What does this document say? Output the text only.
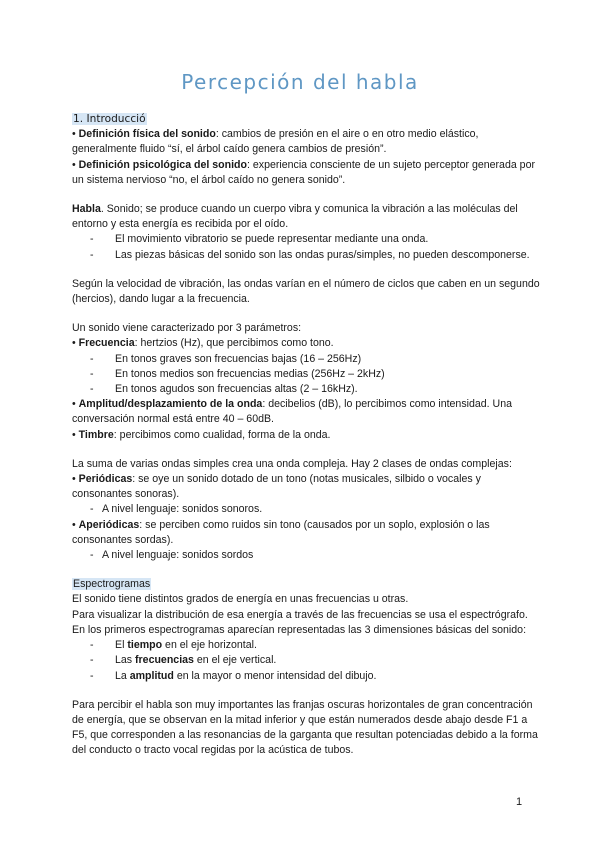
Percepción del habla

1. Introducció

• Definición física del sonido: cambios de presión en el aire o en otro medio elástico, generalmente fluido “sí, el árbol caído genera cambios de presión”.

• Definición psicológica del sonido: experiencia consciente de un sujeto perceptor generada por un sistema nervioso “no, el árbol caído no genera sonido”.

Habla. Sonido; se produce cuando un cuerpo vibra y comunica la vibración a las moléculas del entorno y esta energía es recibida por el oído.

- El movimiento vibratorio se puede representar mediante una onda.

- Las piezas básicas del sonido son las ondas puras/simples, no pueden descomponerse.

Según la velocidad de vibración, las ondas varían en el número de ciclos que caben en un segundo (hercios), dando lugar a la frecuencia.

Un sonido viene caracterizado por 3 parámetros:

• Frecuencia: hertzios (Hz), que percibimos como tono.

- En tonos graves son frecuencias bajas (16 – 256Hz)

- En tonos medios son frecuencias medias (256Hz – 2kHz)

- En tonos agudos son frecuencias altas (2 – 16kHz).

• Amplitud/desplazamiento de la onda: decibelios (dB), lo percibimos como intensidad. Una conversación normal está entre 40 – 60dB.

• Timbre: percibimos como cualidad, forma de la onda.

La suma de varias ondas simples crea una onda compleja. Hay 2 clases de ondas complejas:

• Periódicas: se oye un sonido dotado de un tono (notas musicales, silbido o vocales y consonantes sonoras).

- A nivel lenguaje: sonidos sonoros.

• Aperiódicas: se perciben como ruidos sin tono (causados por un soplo, explosión o las consonantes sordas).

- A nivel lenguaje: sonidos sordos

Espectrogramas

El sonido tiene distintos grados de energía en unas frecuencias u otras.

Para visualizar la distribución de esa energía a través de las frecuencias se usa el espectrógrafo.

En los primeros espectrogramas aparecían representadas las 3 dimensiones básicas del sonido:

- El tiempo en el eje horizontal.

- Las frecuencias en el eje vertical.

- La amplitud en la mayor o menor intensidad del dibujo.

Para percibir el habla son muy importantes las franjas oscuras horizontales de gran concentración de energía, que se observan en la mitad inferior y que están numerados desde abajo desde F1 a F5, que corresponden a las resonancias de la garganta que resultan potenciadas debido a la forma del conducto o tracto vocal regidas por la acústica de tubos.

1
